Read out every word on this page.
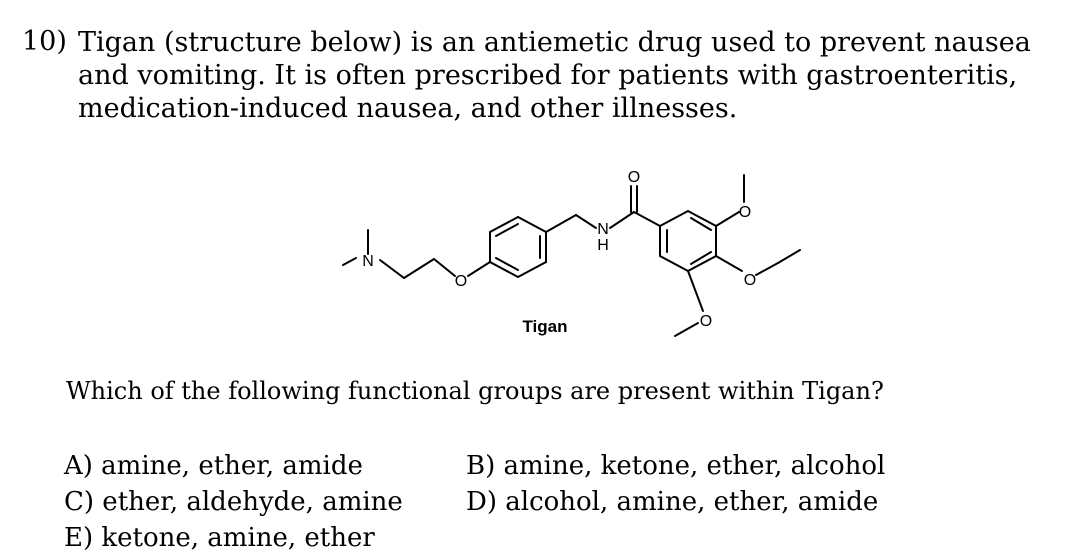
10) Tigan (structure below) is an antiemetic drug used to prevent nausea
and vomiting. It is often prescribed for patients with gastroenteritis,
medication-induced nausea, and other illnesses.
N
O
N
H
O
O
O
O
Tigan
Which of the following functional groups are present within Tigan?
A) amine, ether, amide	B) amine, ketone, ether, alcohol
C) ether, aldehyde, amine D) alcohol, amine, ether, amide
E) ketone, amine, ether
